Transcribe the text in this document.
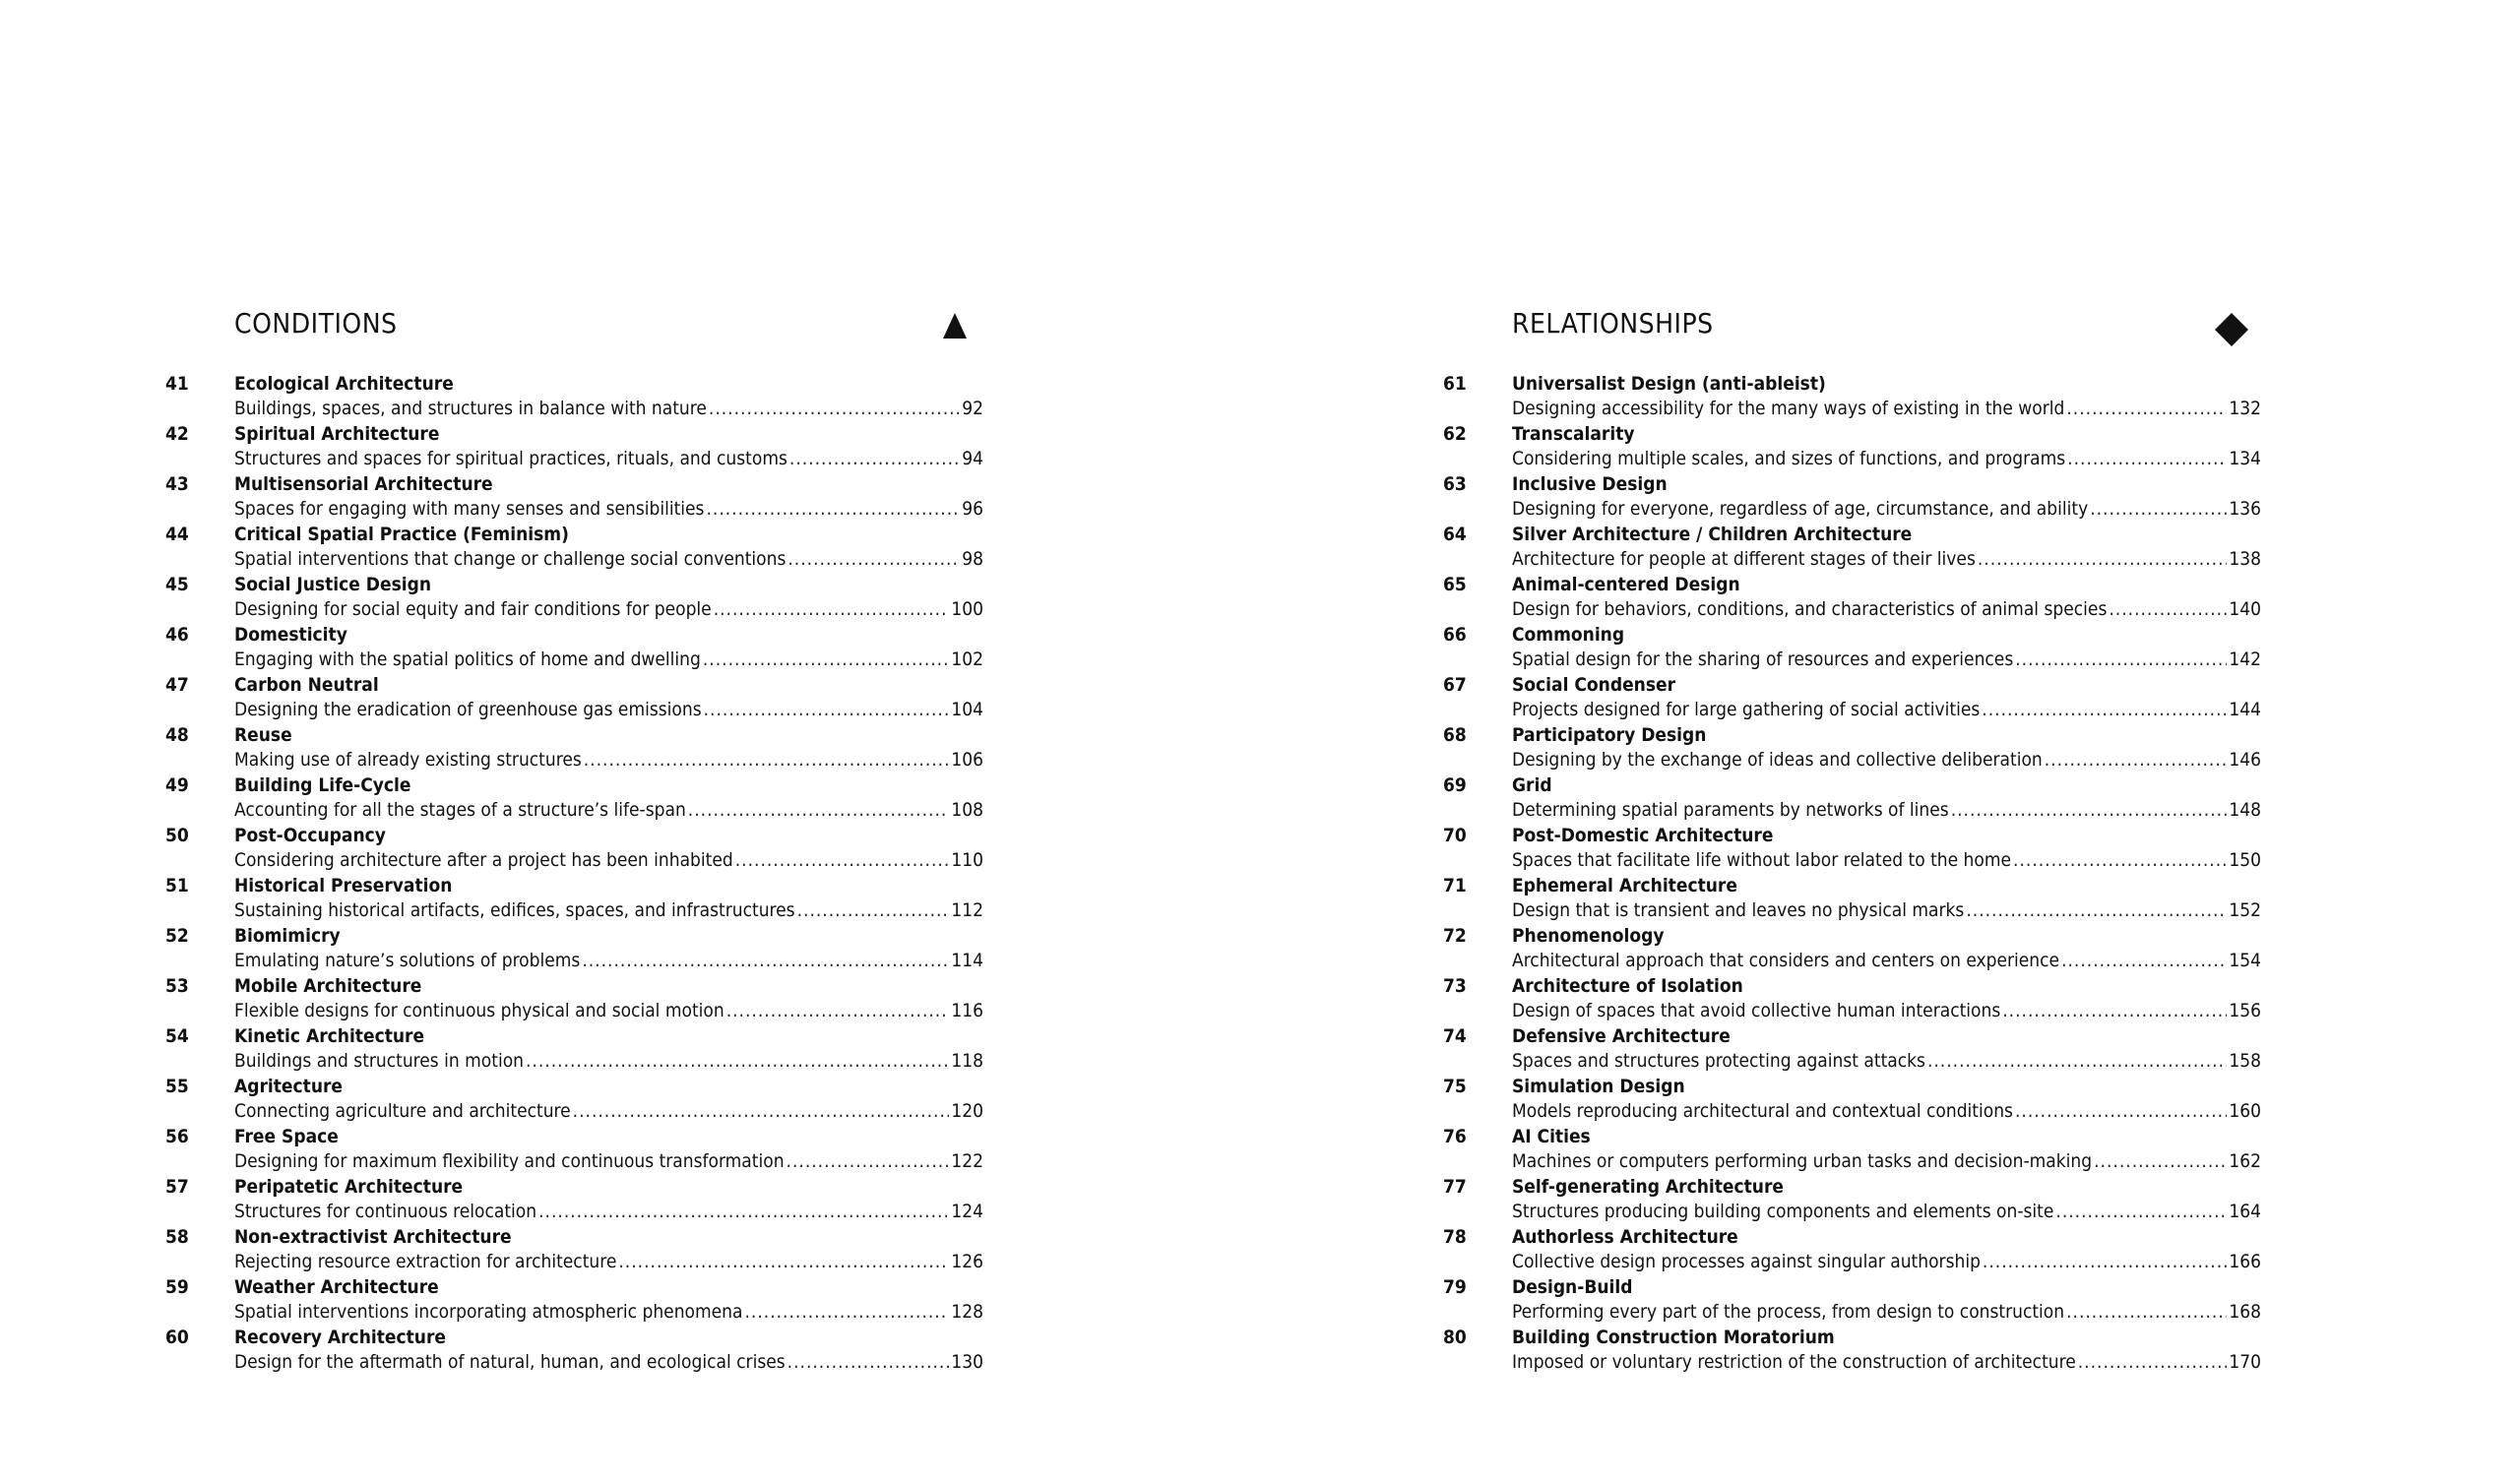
CONDITIONS
41	Ecological Architecture
Buildings, spaces, and structures in balance with nature .....	92
42	Spiritual Architecture
Structures and spaces for spiritual practices, rituals, and customs .....	94
43	Multisensorial Architecture
Spaces for engaging with many senses and sensibilities .....	96
44	Critical Spatial Practice (Feminism)
Spatial interventions that change or challenge social conventions .....	98
45	Social Justice Design
Designing for social equity and fair conditions for people .....	100
46	Domesticity
Engaging with the spatial politics of home and dwelling .....	102
47	Carbon Neutral
Designing the eradication of greenhouse gas emissions .....	104
48	Reuse
Making use of already existing structures .....	106
49	Building Life-Cycle
Accounting for all the stages of a structure’s life-span .....	108
50	Post-Occupancy
Considering architecture after a project has been inhabited .....	110
51	Historical Preservation
Sustaining historical artifacts, edifices, spaces, and infrastructures .....	112
52	Biomimicry
Emulating nature’s solutions of problems .....	114
53	Mobile Architecture
Flexible designs for continuous physical and social motion .....	116
54	Kinetic Architecture
Buildings and structures in motion .....	118
55	Agritecture
Connecting agriculture and architecture .....	120
56	Free Space
Designing for maximum flexibility and continuous transformation .....	122
57	Peripatetic Architecture
Structures for continuous relocation .....	124
58	Non-extractivist Architecture
Rejecting resource extraction for architecture .....	126
59	Weather Architecture
Spatial interventions incorporating atmospheric phenomena .....	128
60	Recovery Architecture
Design for the aftermath of natural, human, and ecological crises .....	130
RELATIONSHIPS
61	Universalist Design (anti-ableist)
Designing accessibility for the many ways of existing in the world .....	132
62	Transcalarity
Considering multiple scales, and sizes of functions, and programs .....	134
63	Inclusive Design
Designing for everyone, regardless of age, circumstance, and ability .....	136
64	Silver Architecture / Children Architecture
Architecture for people at different stages of their lives .....	138
65	Animal-centered Design
Design for behaviors, conditions, and characteristics of animal species .....	140
66	Commoning
Spatial design for the sharing of resources and experiences .....	142
67	Social Condenser
Projects designed for large gathering of social activities .....	144
68	Participatory Design
Designing by the exchange of ideas and collective deliberation .....	146
69	Grid
Determining spatial paraments by networks of lines .....	148
70	Post-Domestic Architecture
Spaces that facilitate life without labor related to the home .....	150
71	Ephemeral Architecture
Design that is transient and leaves no physical marks .....	152
72	Phenomenology
Architectural approach that considers and centers on experience .....	154
73	Architecture of Isolation
Design of spaces that avoid collective human interactions .....	156
74	Defensive Architecture
Spaces and structures protecting against attacks .....	158
75	Simulation Design
Models reproducing architectural and contextual conditions .....	160
76	AI Cities
Machines or computers performing urban tasks and decision-making .....	162
77	Self-generating Architecture
Structures producing building components and elements on-site .....	164
78	Authorless Architecture
Collective design processes against singular authorship .....	166
79	Design-Build
Performing every part of the process, from design to construction .....	168
80	Building Construction Moratorium
Imposed or voluntary restriction of the construction of architecture .....	170
